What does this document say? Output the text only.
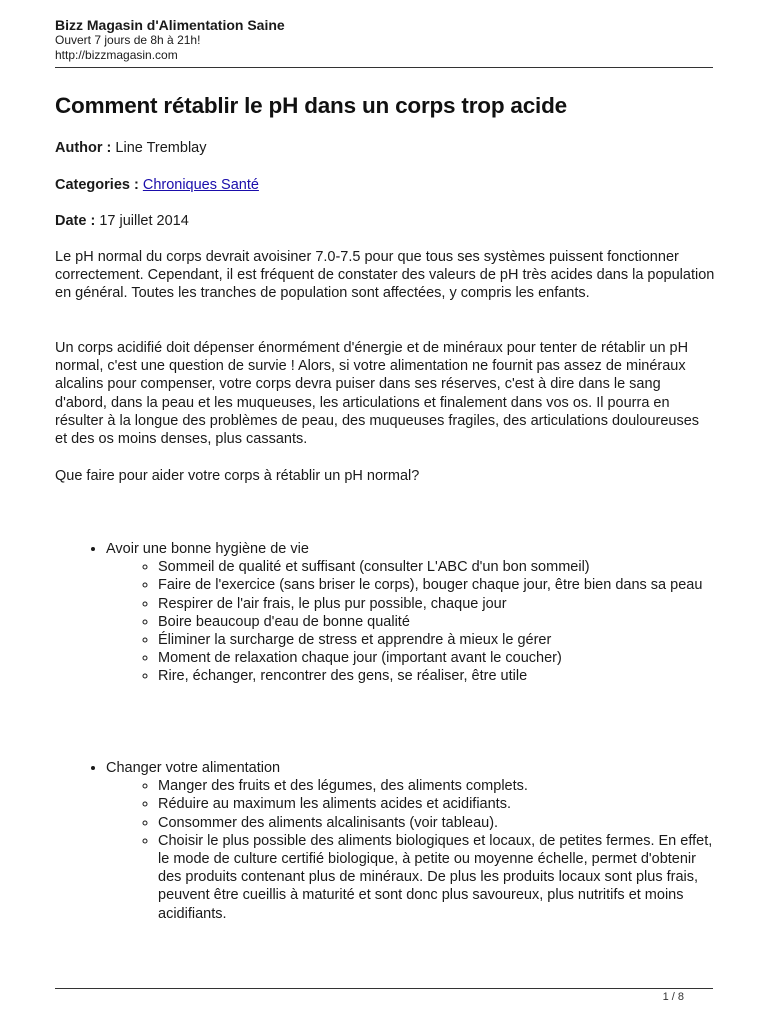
Bizz Magasin d'Alimentation Saine
Ouvert 7 jours de 8h à 21h!
http://bizzmagasin.com
Comment rétablir le pH dans un corps trop acide
Author : Line Tremblay
Categories : Chroniques Santé
Date : 17 juillet 2014

Le pH normal du corps devrait avoisiner 7.0-7.5 pour que tous ses systèmes puissent fonctionner correctement. Cependant, il est fréquent de constater des valeurs de pH très acides dans la population en général. Toutes les tranches de population sont affectées, y compris les enfants.

Un corps acidifié doit dépenser énormément d'énergie et de minéraux pour tenter de rétablir un pH normal, c'est une question de survie ! Alors, si votre alimentation ne fournit pas assez de minéraux alcalins pour compenser, votre corps devra puiser dans ses réserves, c'est à dire dans le sang d'abord, dans la peau et les muqueuses, les articulations et finalement dans vos os. Il pourra en résulter à la longue des problèmes de peau, des muqueuses fragiles, des articulations douloureuses et des os moins denses, plus cassants.

Que faire pour aider votre corps à rétablir un pH normal?

• Avoir une bonne hygiène de vie
◦ Sommeil de qualité et suffisant (consulter L'ABC d'un bon sommeil)
◦ Faire de l'exercice (sans briser le corps), bouger chaque jour, être bien dans sa peau
◦ Respirer de l'air frais, le plus pur possible, chaque jour
◦ Boire beaucoup d'eau de bonne qualité
◦ Éliminer la surcharge de stress et apprendre à mieux le gérer
◦ Moment de relaxation chaque jour (important avant le coucher)
◦ Rire, échanger, rencontrer des gens, se réaliser, être utile
• Changer votre alimentation
◦ Manger des fruits et des légumes, des aliments complets.
◦ Réduire au maximum les aliments acides et acidifiants.
◦ Consommer des aliments alcalinisants (voir tableau).
◦ Choisir le plus possible des aliments biologiques et locaux, de petites fermes. En effet, le mode de culture certifié biologique, à petite ou moyenne échelle, permet d'obtenir des produits contenant plus de minéraux. De plus les produits locaux sont plus frais, peuvent être cueillis à maturité et sont donc plus savoureux, plus nutritifs et moins acidifiants.
1 / 8
